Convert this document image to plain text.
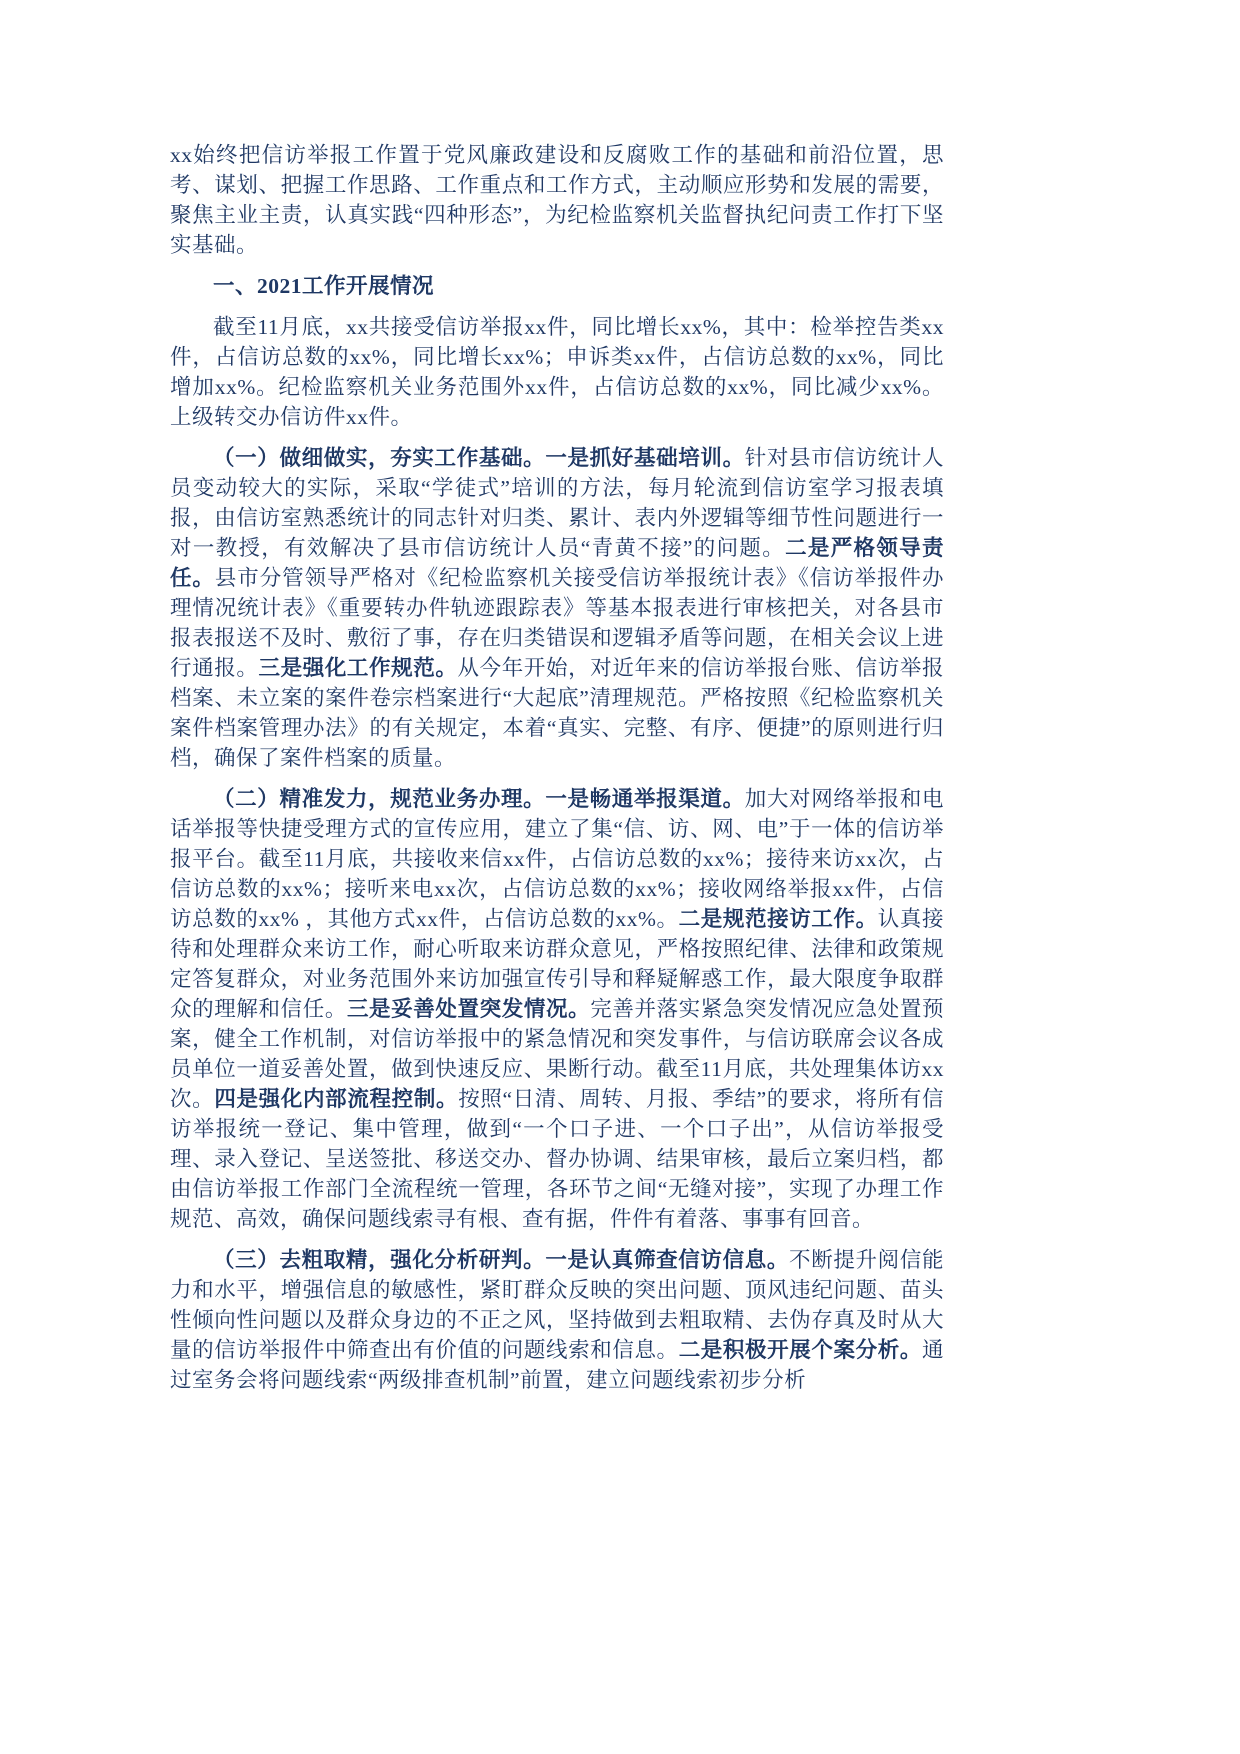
xx始终把信访举报工作置于党风廉政建设和反腐败工作的基础和前沿位置，思考、谋划、把握工作思路、工作重点和工作方式，主动顺应形势和发展的需要，聚焦主业主责，认真实践“四种形态”，为纪检监察机关监督执纪问责工作打下坚实基础。

一、2021工作开展情况

截至11月底，xx共接受信访举报xx件，同比增长xx%，其中：检举控告类xx件，占信访总数的xx%，同比增长xx%；申诉类xx件，占信访总数的xx%，同比增加xx%。纪检监察机关业务范围外xx件，占信访总数的xx%，同比减少xx%。上级转交办信访件xx件。

（一）做细做实，夯实工作基础。一是抓好基础培训。针对县市信访统计人员变动较大的实际，采取“学徒式”培训的方法，每月轮流到信访室学习报表填报，由信访室熟悉统计的同志针对归类、累计、表内外逻辑等细节性问题进行一对一教授，有效解决了县市信访统计人员“青黄不接”的问题。二是严格领导责任。县市分管领导严格对《纪检监察机关接受信访举报统计表》《信访举报件办理情况统计表》《重要转办件轨迹跟踪表》等基本报表进行审核把关，对各县市报表报送不及时、敷衍了事，存在归类错误和逻辑矛盾等问题，在相关会议上进行通报。三是强化工作规范。从今年开始，对近年来的信访举报台账、信访举报档案、未立案的案件卷宗档案进行“大起底”清理规范。严格按照《纪检监察机关案件档案管理办法》的有关规定，本着“真实、完整、有序、便捷”的原则进行归档，确保了案件档案的质量。

（二）精准发力，规范业务办理。一是畅通举报渠道。加大对网络举报和电话举报等快捷受理方式的宣传应用，建立了集“信、访、网、电”于一体的信访举报平台。截至11月底，共接收来信xx件，占信访总数的xx%；接待来访xx次，占信访总数的xx%；接听来电xx次，占信访总数的xx%；接收网络举报xx件，占信访总数的xx% ，其他方式xx件，占信访总数的xx%。二是规范接访工作。认真接待和处理群众来访工作，耐心听取来访群众意见，严格按照纪律、法律和政策规定答复群众，对业务范围外来访加强宣传引导和释疑解惑工作，最大限度争取群众的理解和信任。三是妥善处置突发情况。完善并落实紧急突发情况应急处置预案，健全工作机制，对信访举报中的紧急情况和突发事件，与信访联席会议各成员单位一道妥善处置，做到快速反应、果断行动。截至11月底，共处理集体访xx次。四是强化内部流程控制。按照“日清、周转、月报、季结”的要求，将所有信访举报统一登记、集中管理，做到“一个口子进、一个口子出”，从信访举报受理、录入登记、呈送签批、移送交办、督办协调、结果审核，最后立案归档，都由信访举报工作部门全流程统一管理，各环节之间“无缝对接”，实现了办理工作规范、高效，确保问题线索寻有根、查有据，件件有着落、事事有回音。

（三）去粗取精，强化分析研判。一是认真筛查信访信息。不断提升阅信能力和水平，增强信息的敏感性，紧盯群众反映的突出问题、顶风违纪问题、苗头性倾向性问题以及群众身边的不正之风，坚持做到去粗取精、去伪存真及时从大量的信访举报件中筛查出有价值的问题线索和信息。二是积极开展个案分析。通过室务会将问题线索“两级排查机制”前置，建立问题线索初步分析
